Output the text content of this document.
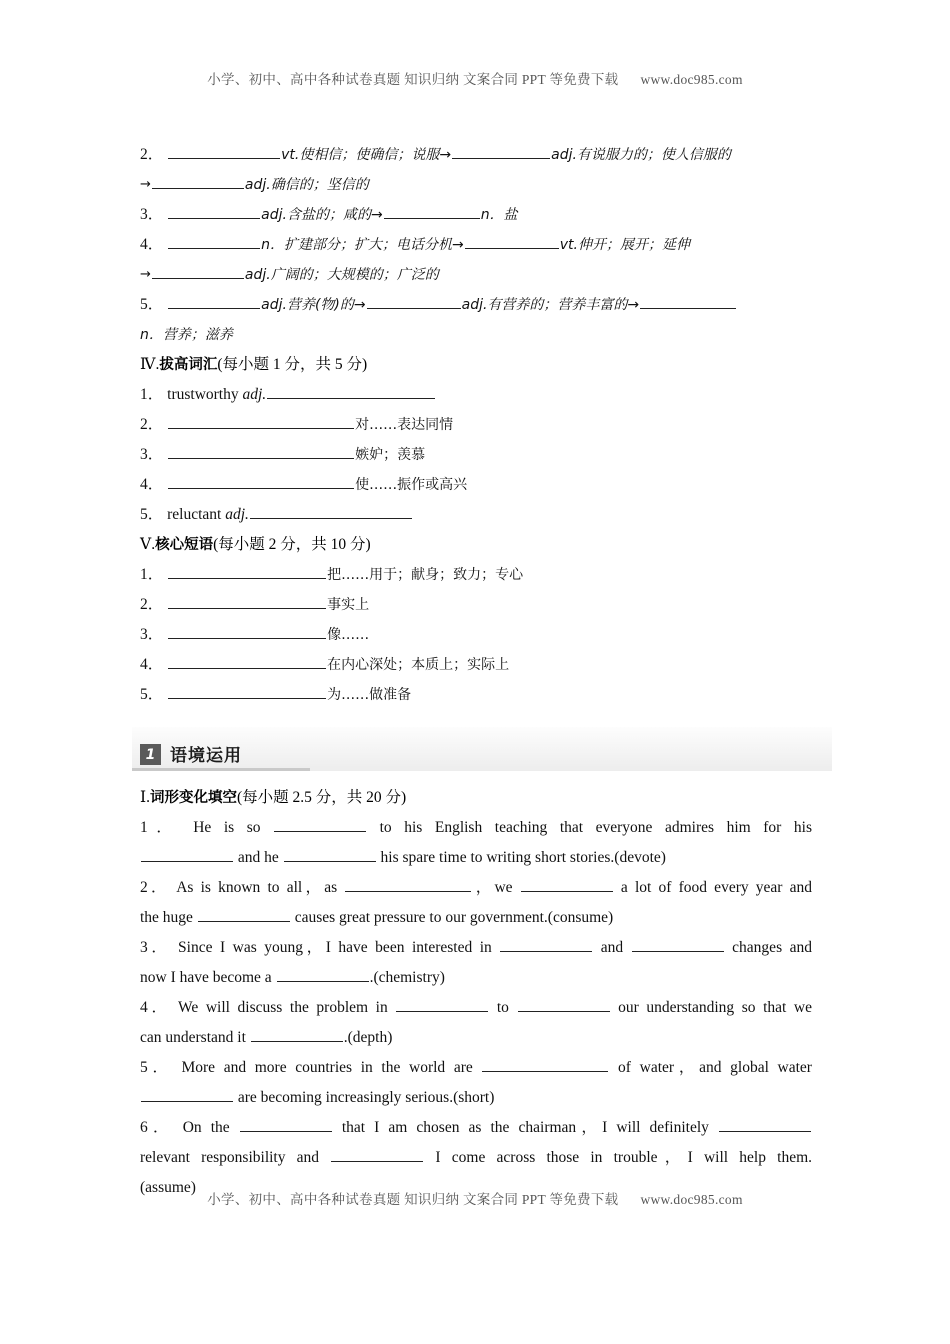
小学、初中、高中各种试卷真题 知识归纳 文案合同 PPT 等免费下载 www.doc985.com
2．	vt.使相信；使确信；说服→	adj.有说服力的；使人信服的
→	adj.确信的；坚信的
3．	adj.含盐的；咸的→	n．盐
4．	n．扩建部分；扩大；电话分机→	vt.伸开；展开；延伸
→	adj.广阔的；大规模的；广泛的
5．	adj.营养(物)的→	adj.有营养的；营养丰富的→
n．营养；滋养
Ⅳ.拔高词汇(每小题 1 分，共 5 分)
1． trustworthy adj.
2．	对……表达同情
3．	嫉妒；羡慕
4．	使……振作或高兴
5． reluctant adj.
Ⅴ.核心短语(每小题 2 分，共 10 分)
1．	把……用于；献身；致力；专心
2．	事实上
3．	像……
4．	在内心深处；本质上；实际上
5．	为……做准备
1 语境运用
Ⅰ.词形变化填空(每小题 2.5 分，共 20 分)
1． He is so	to his English teaching that everyone admires him for his
and he	his spare time to writing short stories.(devote)
2． As is known to all，as	，we	a lot of food every year and
the huge	causes great pressure to our government.(consume)
3． Since I was young，I have been interested in	and	changes and
now I have become a	.(chemistry)
4． We will discuss the problem in	to	our understanding so that we
can understand it	.(depth)
5． More and more countries in the world are	of water，and global water
are becoming increasingly serious.(short)
6． On the	that I am chosen as the chairman，I will definitely
relevant responsibility and	I come across those in trouble，I will help them.
(assume)
小学、初中、高中各种试卷真题 知识归纳 文案合同 PPT 等免费下载 www.doc985.com
